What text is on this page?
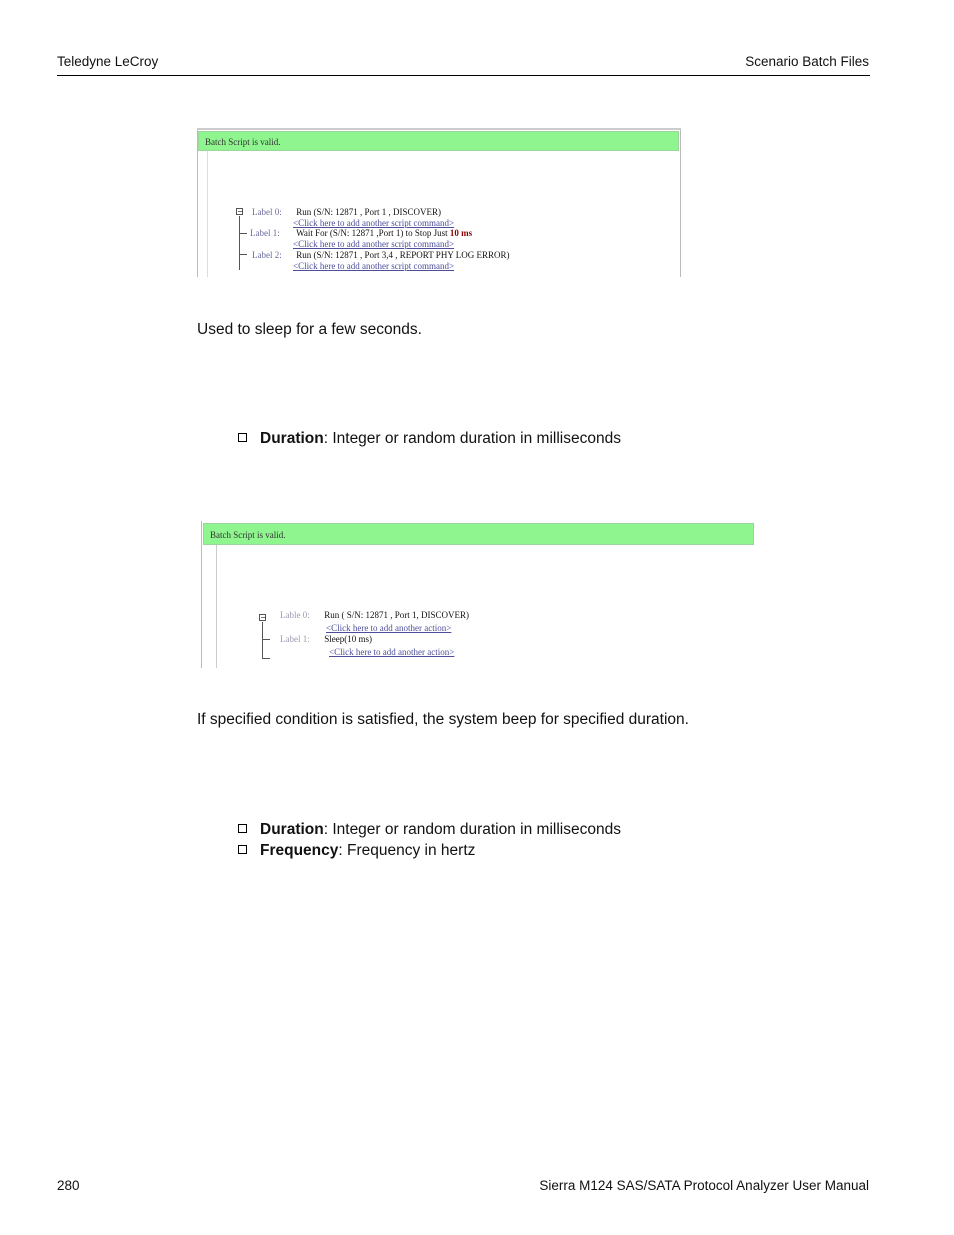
Teledyne LeCroy	Scenario Batch Files
Batch Script is valid.
− Label 0: Run (S/N: 12871 , Port 1 , DISCOVER)
<Click here to add another script command>
Label 1: Wait For (S/N: 12871 ,Port 1) to Stop Just 10 ms
<Click here to add another script command>
Label 2: Run (S/N: 12871 , Port 3,4 , REPORT PHY LOG ERROR)
<Click here to add another script command>
Used to sleep for a few seconds.
Duration: Integer or random duration in milliseconds
Batch Script is valid.
− Lable 0: Run ( S/N: 12871 , Port 1, DISCOVER)
<Click here to add another action>
Label 1: Sleep(10 ms)
<Click here to add another action>
If specified condition is satisfied, the system beep for specified duration.
Duration: Integer or random duration in milliseconds
Frequency: Frequency in hertz
280	Sierra M124 SAS/SATA Protocol Analyzer User Manual
